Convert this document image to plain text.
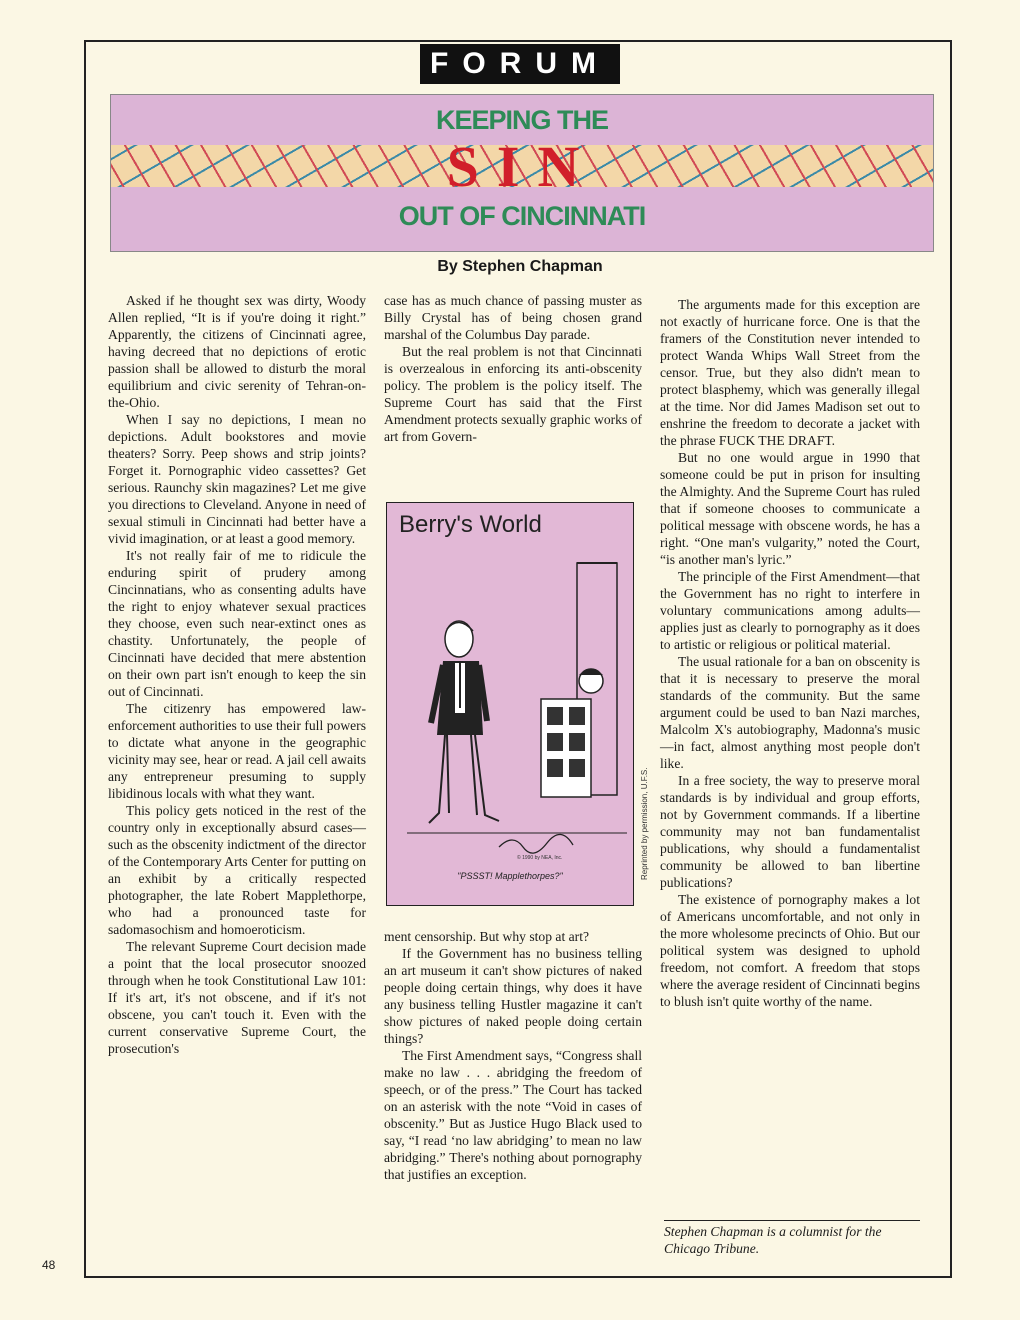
FORUM
KEEPING THE
SIN
OUT OF CINCINNATI
By Stephen Chapman

Asked if he thought sex was dirty, Woody Allen replied, “It is if you're doing it right.” Apparently, the citizens of Cincinnati agree, having decreed that no depictions of erotic passion shall be allowed to disturb the moral equilibrium and civic serenity of Tehran-on-the-Ohio.

When I say no depictions, I mean no depictions. Adult bookstores and movie theaters? Sorry. Peep shows and strip joints? Forget it. Pornographic video cassettes? Get serious. Raunchy skin magazines? Let me give you directions to Cleveland. Anyone in need of sexual stimuli in Cincinnati had better have a vivid imagination, or at least a good memory.

It's not really fair of me to ridicule the enduring spirit of prudery among Cincinnatians, who as consenting adults have the right to enjoy whatever sexual practices they choose, even such near-extinct ones as chastity. Unfortunately, the people of Cincinnati have decided that mere abstention on their own part isn't enough to keep the sin out of Cincinnati.

The citizenry has empowered law-enforcement authorities to use their full powers to dictate what anyone in the geographic vicinity may see, hear or read. A jail cell awaits any entrepreneur presuming to supply libidinous locals with what they want.

This policy gets noticed in the rest of the country only in exceptionally absurd cases—such as the obscenity indictment of the director of the Contemporary Arts Center for putting on an exhibit by a critically respected photographer, the late Robert Mapplethorpe, who had a pronounced taste for sadomasochism and homoeroticism.

The relevant Supreme Court decision made a point that the local prosecutor snoozed through when he took Constitutional Law 101: If it's art, it's not obscene, and if it's not obscene, you can't touch it. Even with the current conservative Supreme Court, the prosecution's

case has as much chance of passing muster as Billy Crystal has of being chosen grand marshal of the Columbus Day parade.

But the real problem is not that Cincinnati is overzealous in enforcing its anti-obscenity policy. The problem is the policy itself. The Supreme Court has said that the First Amendment protects sexually graphic works of art from Govern-

Berry's World
© 1990 by NEA, Inc.
"PSSST! Mapplethorpes?"	Reprinted by permission, U.F.S.

ment censorship. But why stop at art?

If the Government has no business telling an art museum it can't show pictures of naked people doing certain things, why does it have any business telling Hustler magazine it can't show pictures of naked people doing certain things?

The First Amendment says, “Congress shall make no law . . . abridging the freedom of speech, or of the press.” The Court has tacked on an asterisk with the note “Void in cases of obscenity.” But as Justice Hugo Black used to say, “I read ‘no law abridging’ to mean no law abridging.” There's nothing about pornography that justifies an exception.

The arguments made for this exception are not exactly of hurricane force. One is that the framers of the Constitution never intended to protect Wanda Whips Wall Street from the censor. True, but they also didn't mean to protect blasphemy, which was generally illegal at the time. Nor did James Madison set out to enshrine the freedom to decorate a jacket with the phrase FUCK THE DRAFT.

But no one would argue in 1990 that someone could be put in prison for insulting the Almighty. And the Supreme Court has ruled that if someone chooses to communicate a political message with obscene words, he has a right. “One man's vulgarity,” noted the Court, “is another man's lyric.”

The principle of the First Amendment—that the Government has no right to interfere in voluntary communications among adults—applies just as clearly to pornography as it does to artistic or religious or political material.

The usual rationale for a ban on obscenity is that it is necessary to preserve the moral standards of the community. But the same argument could be used to ban Nazi marches, Malcolm X's autobiography, Madonna's music—in fact, almost anything most people don't like.

In a free society, the way to preserve moral standards is by individual and group efforts, not by Government commands. If a libertine community may not ban fundamentalist publications, why should a fundamentalist community be allowed to ban libertine publications?

The existence of pornography makes a lot of Americans uncomfortable, and not only in the more wholesome precincts of Ohio. But our political system was designed to uphold freedom, not comfort. A freedom that stops where the average resident of Cincinnati begins to blush isn't quite worthy of the name.

Stephen Chapman is a columnist for the Chicago Tribune.
48
